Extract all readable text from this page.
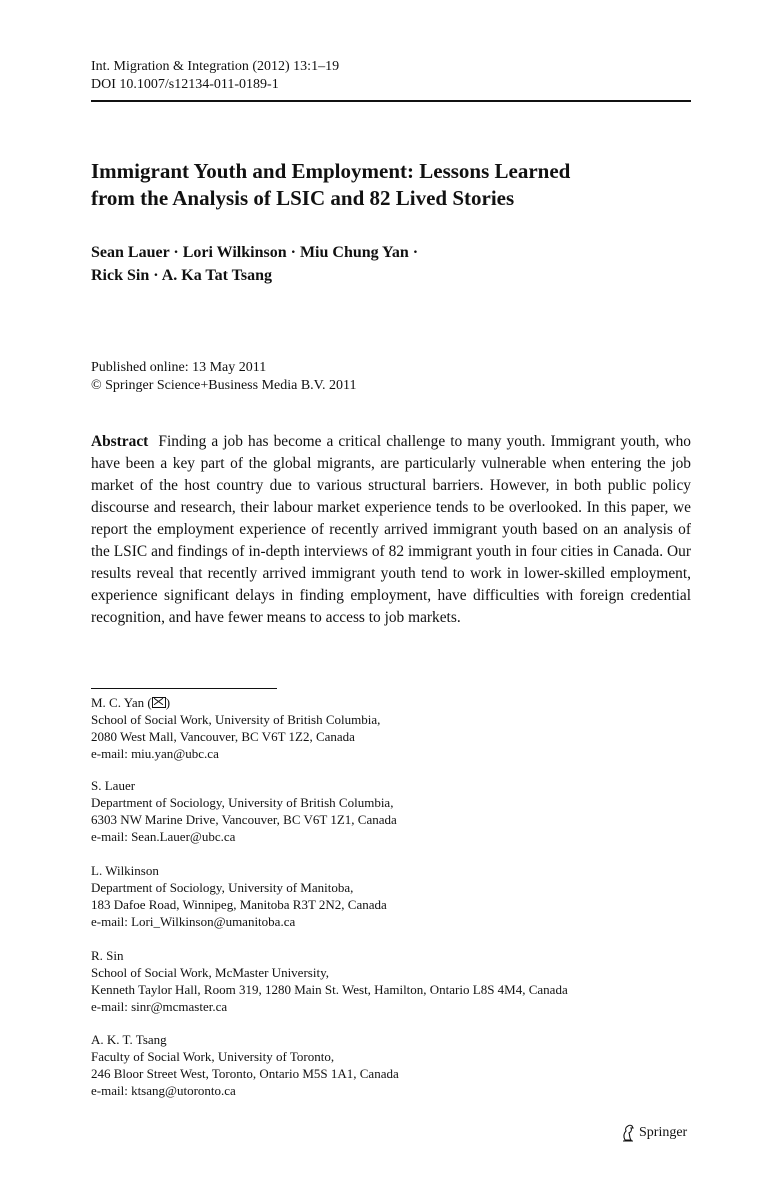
Int. Migration & Integration (2012) 13:1–19
DOI 10.1007/s12134-011-0189-1
Immigrant Youth and Employment: Lessons Learned
from the Analysis of LSIC and 82 Lived Stories
Sean Lauer · Lori Wilkinson · Miu Chung Yan ·
Rick Sin · A. Ka Tat Tsang
Published online: 13 May 2011
© Springer Science+Business Media B.V. 2011
Abstract Finding a job has become a critical challenge to many youth. Immigrant youth, who have been a key part of the global migrants, are particularly vulnerable when entering the job market of the host country due to various structural barriers. However, in both public policy discourse and research, their labour market experience tends to be overlooked. In this paper, we report the employment experience of recently arrived immigrant youth based on an analysis of the LSIC and findings of in-depth interviews of 82 immigrant youth in four cities in Canada. Our results reveal that recently arrived immigrant youth tend to work in lower-skilled employment, experience significant delays in finding employment, have difficulties with foreign credential recognition, and have fewer means to access to job markets.
M. C. Yan ( )
School of Social Work, University of British Columbia,
2080 West Mall, Vancouver, BC V6T 1Z2, Canada
e-mail: miu.yan@ubc.ca
S. Lauer
Department of Sociology, University of British Columbia,
6303 NW Marine Drive, Vancouver, BC V6T 1Z1, Canada
e-mail: Sean.Lauer@ubc.ca
L. Wilkinson
Department of Sociology, University of Manitoba,
183 Dafoe Road, Winnipeg, Manitoba R3T 2N2, Canada
e-mail: Lori_Wilkinson@umanitoba.ca
R. Sin
School of Social Work, McMaster University,
Kenneth Taylor Hall, Room 319, 1280 Main St. West, Hamilton, Ontario L8S 4M4, Canada
e-mail: sinr@mcmaster.ca
A. K. T. Tsang
Faculty of Social Work, University of Toronto,
246 Bloor Street West, Toronto, Ontario M5S 1A1, Canada
e-mail: ktsang@utoronto.ca
Springer
